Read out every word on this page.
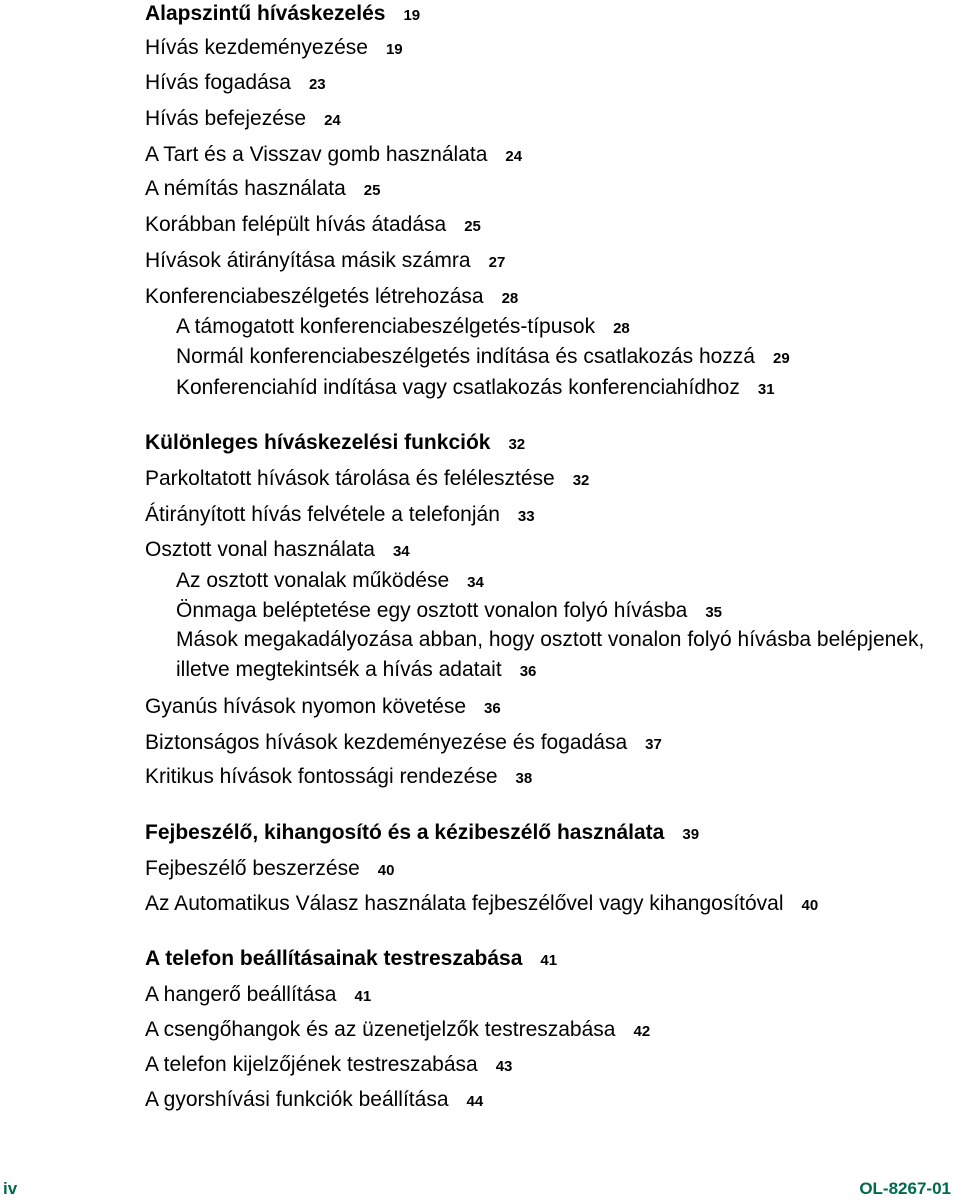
Alapszintű híváskezelés 19
Hívás kezdeményezése 19
Hívás fogadása 23
Hívás befejezése 24
A Tart és a Visszav gomb használata 24
A némítás használata 25
Korábban felépült hívás átadása 25
Hívások átirányítása másik számra 27
Konferenciabeszélgetés létrehozása 28
A támogatott konferenciabeszélgetés-típusok 28
Normál konferenciabeszélgetés indítása és csatlakozás hozzá 29
Konferenciahíd indítása vagy csatlakozás konferenciahídhoz 31
Különleges híváskezelési funkciók 32
Parkoltatott hívások tárolása és felélesztése 32
Átirányított hívás felvétele a telefonján 33
Osztott vonal használata 34
Az osztott vonalak működése 34
Önmaga beléptetése egy osztott vonalon folyó hívásba 35
Mások megakadályozása abban, hogy osztott vonalon folyó hívásba belépjenek, illetve megtekintsék a hívás adatait 36
Gyanús hívások nyomon követése 36
Biztonságos hívások kezdeményezése és fogadása 37
Kritikus hívások fontossági rendezése 38
Fejbeszélő, kihangosító és a kézibeszélő használata 39
Fejbeszélő beszerzése 40
Az Automatikus Válasz használata fejbeszélővel vagy kihangosítóval 40
A telefon beállításainak testreszabása 41
A hangerő beállítása 41
A csengőhangok és az üzenetjelzők testreszabása 42
A telefon kijelzőjének testreszabása 43
A gyorshívási funkciók beállítása 44
iv	OL-8267-01
